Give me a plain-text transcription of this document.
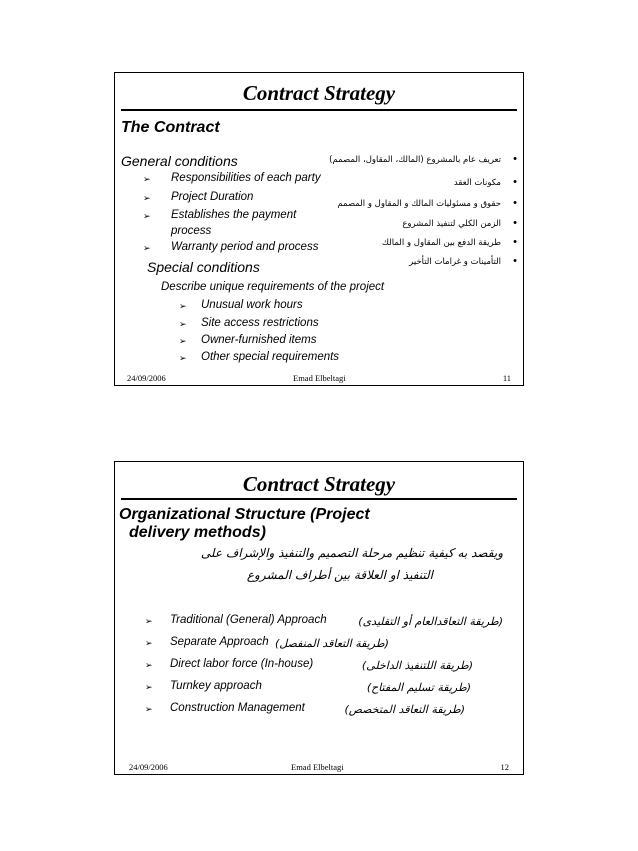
Contract Strategy
The Contract
General conditions
➢ Responsibilities of each party
➢ Project Duration
➢ Establishes the payment
process
➢ Warranty period and process
تعريف عام بالمشروع (المالك، المقاول، المصمم) •
مكونات العقد •
حقوق و مسئوليات المالك و المقاول و المصمم •
الزمن الكلي لتنفيذ المشروع •
طريقة الدفع بين المقاول و المالك •
التأمينات و غرامات التأخير •
Special conditions
Describe unique requirements of the project
➢ Unusual work hours
➢ Site access restrictions
➢ Owner-furnished items
➢ Other special requirements
24/09/2006	Emad Elbeltagi	11
Contract Strategy
Organizational Structure (Project
delivery methods)
ويقصد به كيفية تنظيم مرحلة التصميم والتنفيذ والإشراف على
التنفيذ او العلاقة بين أطراف المشروع
➢ Traditional (General) Approach	(طريقة التعاقدالعام أو التقليدى)
➢ Separate Approach (طريقة التعاقد المنفصل)
➢ Direct labor force (In-house)	(طريقة اللتنفيذ الداخلى)
➢ Turnkey approach	(طريقة تسليم المفتاح)
➢ Construction Management	(طريقة التعاقد المتخصص)
24/09/2006	Emad Elbeltagi	12
